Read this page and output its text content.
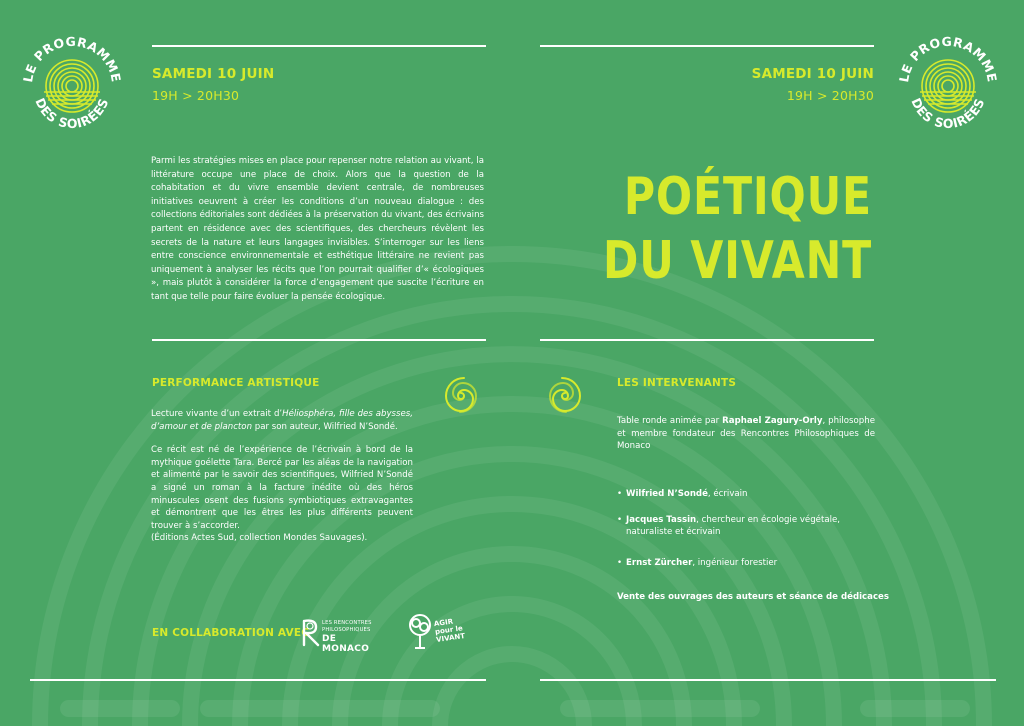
LE PROGRAMME
DES SOIRÉES
LE PROGRAMME
DES SOIRÉES
SAMEDI 10 JUIN
19H > 20H30
SAMEDI 10 JUIN
19H > 20H30
Parmi les stratégies mises en place pour repenser notre relation au vivant, la littérature occupe une place de choix. Alors que la question de la cohabitation et du vivre ensemble devient centrale, de nombreuses initiatives oeuvrent à créer les conditions d’un nouveau dialogue : des collections éditoriales sont dédiées à la préservation du vivant, des écrivains partent en résidence avec des scientifiques, des chercheurs révèlent les secrets de la nature et leurs langages invisibles. S’interroger sur les liens entre conscience environnementale et esthétique littéraire ne revient pas uniquement à analyser les récits que l’on pourrait qualifier d’« écologiques », mais plutôt à considérer la force d’engagement que suscite l’écriture en tant que telle pour faire évoluer la pensée écologique.
POÉTIQUE
DU VIVANT
PERFORMANCE ARTISTIQUE

Lecture vivante d’un extrait d’Héliosphéra, fille des abysses, d’amour et de plancton par son auteur, Wilfried N’Sondé.

Ce récit est né de l’expérience de l’écrivain à bord de la mythique goélette Tara. Bercé par les aléas de la navigation et alimenté par le savoir des scientifiques, Wilfried N’Sondé a signé un roman à la facture inédite où des héros minuscules osent des fusions symbiotiques extravagantes et démontrent que les êtres les plus différents peuvent trouver à s’accorder.

(Éditions Actes Sud, collection Mondes Sauvages).

LES INTERVENANTS
Table ronde animée par Raphael Zagury-Orly, philosophe et membre fondateur des Rencontres Philosophiques de Monaco
• Wilfried N’Sondé, écrivain
• Jacques Tassin, chercheur en écologie végétale, naturaliste et écrivain
• Ernst Zürcher, ingénieur forestier
Vente des ouvrages des auteurs et séance de dédicaces
EN COLLABORATION AVEC
LES RENCONTRES
PHILOSOPHIQUES
DE MONACO
AGIR pour le VIVANT
